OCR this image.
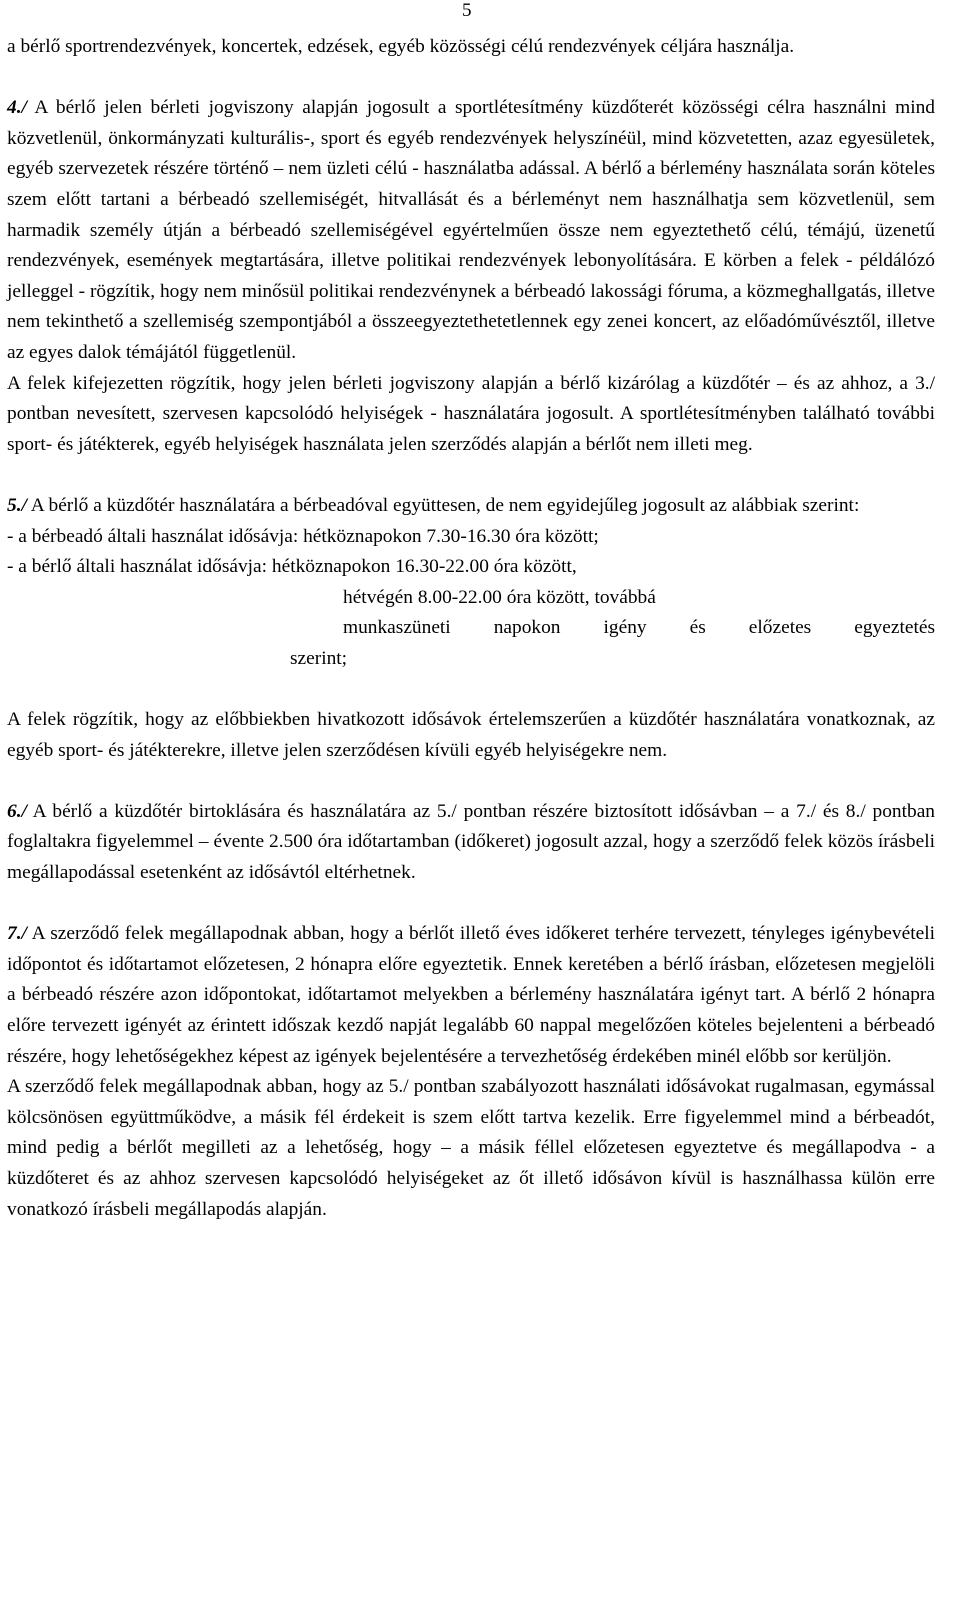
5

a bérlő sportrendezvények, koncertek, edzések, egyéb közösségi célú rendezvények céljára használja.

4./ A bérlő jelen bérleti jogviszony alapján jogosult a sportlétesítmény küzdőterét közösségi célra használni mind közvetlenül, önkormányzati kulturális-, sport és egyéb rendezvények helyszínéül, mind közvetetten, azaz egyesületek, egyéb szervezetek részére történő – nem üzleti célú - használatba adással. A bérlő a bérlemény használata során köteles szem előtt tartani a bérbeadó szellemiségét, hitvallását és a bérleményt nem használhatja sem közvetlenül, sem harmadik személy útján a bérbeadó szellemiségével egyértelműen össze nem egyeztethető célú, témájú, üzenetű rendezvények, események megtartására, illetve politikai rendezvények lebonyolítására. E körben a felek - példálózó jelleggel - rögzítik, hogy nem minősül politikai rendezvénynek a bérbeadó lakossági fóruma, a közmeghallgatás, illetve nem tekinthető a szellemiség szempontjából a összeegyeztethetetlennek egy zenei koncert, az előadóművésztől, illetve az egyes dalok témájától függetlenül.

A felek kifejezetten rögzítik, hogy jelen bérleti jogviszony alapján a bérlő kizárólag a küzdőtér – és az ahhoz, a 3./ pontban nevesített, szervesen kapcsolódó helyiségek - használatára jogosult. A sportlétesítményben található további sport- és játékterek, egyéb helyiségek használata jelen szerződés alapján a bérlőt nem illeti meg.

5./ A bérlő a küzdőtér használatára a bérbeadóval együttesen, de nem egyidejűleg jogosult az alábbiak szerint:

- a bérbeadó általi használat idősávja: hétköznapokon 7.30-16.30 óra között;

- a bérlő általi használat idősávja: hétköznapokon 16.30-22.00 óra között,

hétvégén 8.00-22.00 óra között, továbbá

munkaszüneti napokon igény és előzetes egyeztetés

szerint;

A felek rögzítik, hogy az előbbiekben hivatkozott idősávok értelemszerűen a küzdőtér használatára vonatkoznak, az egyéb sport- és játékterekre, illetve jelen szerződésen kívüli egyéb helyiségekre nem.

6./ A bérlő a küzdőtér birtoklására és használatára az 5./ pontban részére biztosított idősávban – a 7./ és 8./ pontban foglaltakra figyelemmel – évente 2.500 óra időtartamban (időkeret) jogosult azzal, hogy a szerződő felek közös írásbeli megállapodással esetenként az idősávtól eltérhetnek.

7./ A szerződő felek megállapodnak abban, hogy a bérlőt illető éves időkeret terhére tervezett, tényleges igénybevételi időpontot és időtartamot előzetesen, 2 hónapra előre egyeztetik. Ennek keretében a bérlő írásban, előzetesen megjelöli a bérbeadó részére azon időpontokat, időtartamot melyekben a bérlemény használatára igényt tart. A bérlő 2 hónapra előre tervezett igényét az érintett időszak kezdő napját legalább 60 nappal megelőzően köteles bejelenteni a bérbeadó részére, hogy lehetőségekhez képest az igények bejelentésére a tervezhetőség érdekében minél előbb sor kerüljön.

A szerződő felek megállapodnak abban, hogy az 5./ pontban szabályozott használati idősávokat rugalmasan, egymással kölcsönösen együttműködve, a másik fél érdekeit is szem előtt tartva kezelik. Erre figyelemmel mind a bérbeadót, mind pedig a bérlőt megilleti az a lehetőség, hogy – a másik féllel előzetesen egyeztetve és megállapodva - a küzdőteret és az ahhoz szervesen kapcsolódó helyiségeket az őt illető idősávon kívül is használhassa külön erre vonatkozó írásbeli megállapodás alapján.
